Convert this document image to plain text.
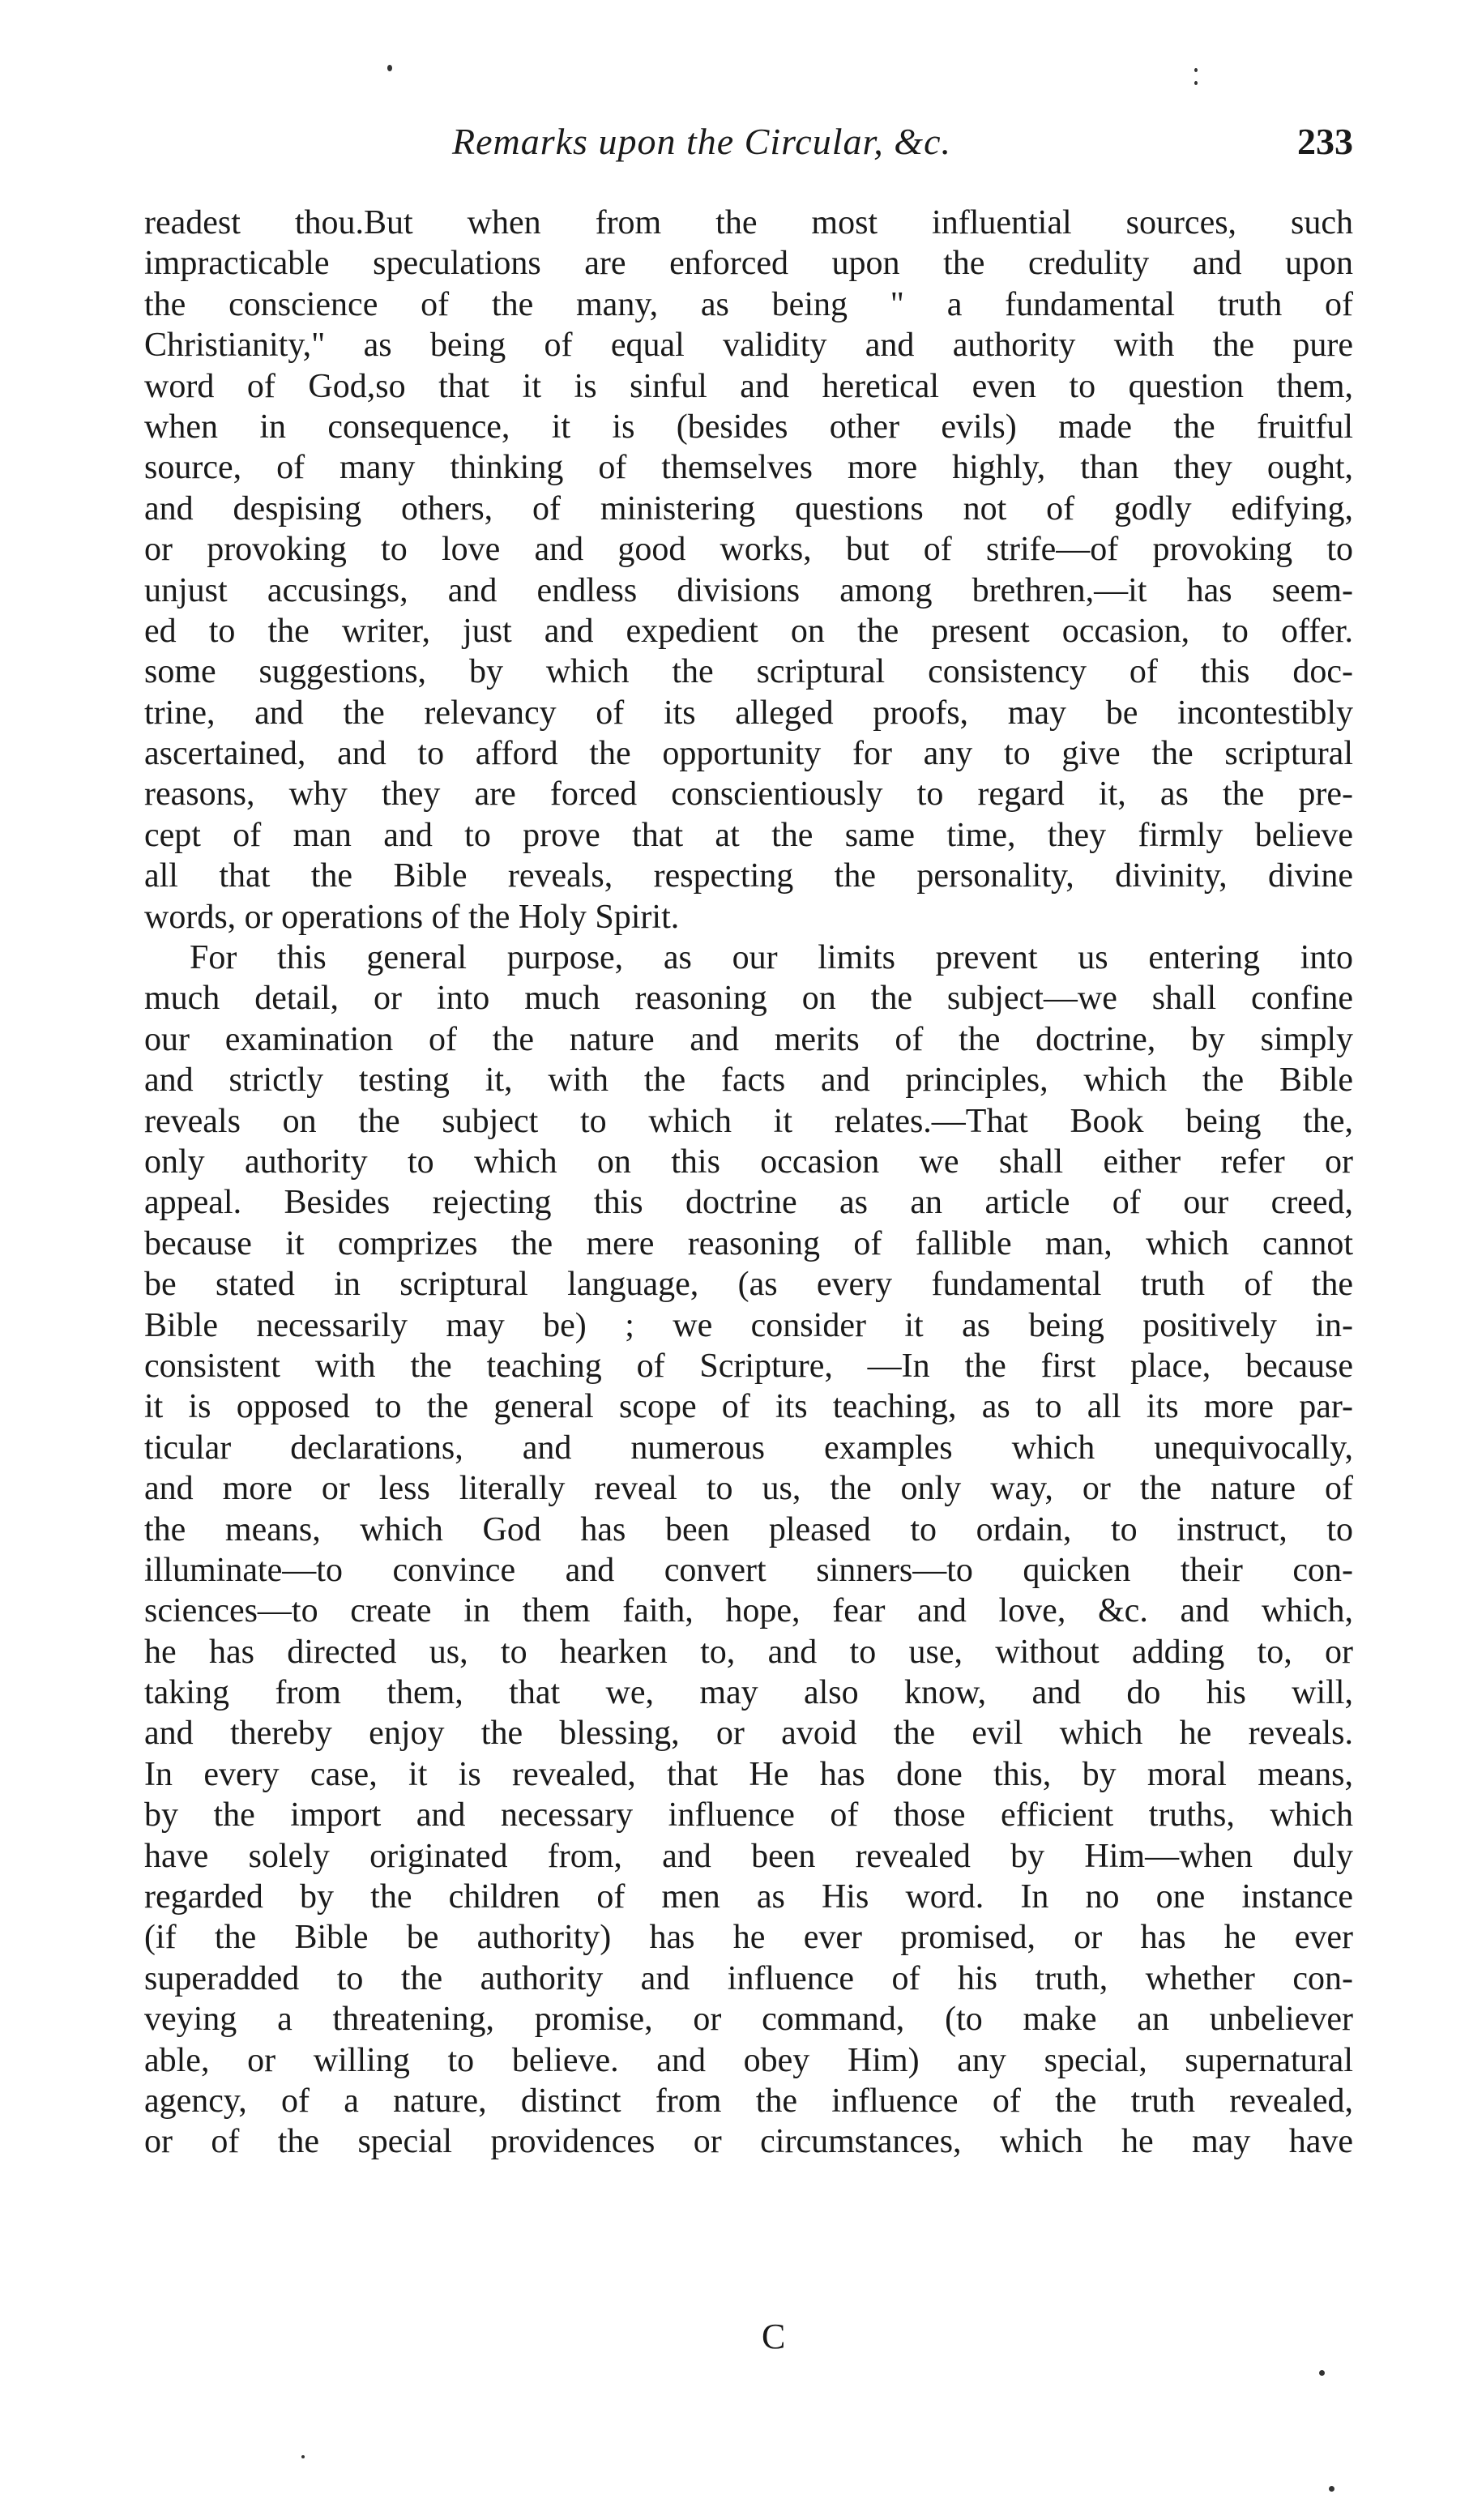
Remarks upon the Circular, &c.	233
readest thou.But when from the most influential sources, such
impracticable speculations are enforced upon the credulity and upon
the conscience of the many, as being " a fundamental truth of
Christianity," as being of equal validity and authority with the pure
word of God,so that it is sinful and heretical even to question them,
when in consequence, it is (besides other evils) made the fruitful
source, of many thinking of themselves more highly, than they ought,
and despising others, of ministering questions not of godly edifying,
or provoking to love and good works, but of strife—of provoking to
unjust accusings, and endless divisions among brethren,—it has seem-
ed to the writer, just and expedient on the present occasion, to offer.
some suggestions, by which the scriptural consistency of this doc-
trine, and the relevancy of its alleged proofs, may be incontestibly
ascertained, and to afford the opportunity for any to give the scriptural
reasons, why they are forced conscientiously to regard it, as the pre-
cept of man and to prove that at the same time, they firmly believe
all that the Bible reveals, respecting the personality, divinity, divine
words, or operations of the Holy Spirit.
For this general purpose, as our limits prevent us entering into
much detail, or into much reasoning on the subject—we shall confine
our examination of the nature and merits of the doctrine, by simply
and strictly testing it, with the facts and principles, which the Bible
reveals on the subject to which it relates.—That Book being the,
only authority to which on this occasion we shall either refer or
appeal. Besides rejecting this doctrine as an article of our creed,
because it comprizes the mere reasoning of fallible man, which cannot
be stated in scriptural language, (as every fundamental truth of the
Bible necessarily may be) ; we consider it as being positively in-
consistent with the teaching of Scripture, —In the first place, because
it is opposed to the general scope of its teaching, as to all its more par-
ticular declarations, and numerous examples which unequivocally,
and more or less literally reveal to us, the only way, or the nature of
the means, which God has been pleased to ordain, to instruct, to
illuminate—to convince and convert sinners—to quicken their con-
sciences—to create in them faith, hope, fear and love, &c. and which,
he has directed us, to hearken to, and to use, without adding to, or
taking from them, that we, may also know, and do his will,
and thereby enjoy the blessing, or avoid the evil which he reveals.
In every case, it is revealed, that He has done this, by moral means,
by the import and necessary influence of those efficient truths, which
have solely originated from, and been revealed by Him—when duly
regarded by the children of men as His word. In no one instance
(if the Bible be authority) has he ever promised, or has he ever
superadded to the authority and influence of his truth, whether con-
veying a threatening, promise, or command, (to make an unbeliever
able, or willing to believe. and obey Him) any special, supernatural
agency, of a nature, distinct from the influence of the truth revealed,
or of the special providences or circumstances, which he may have
C
